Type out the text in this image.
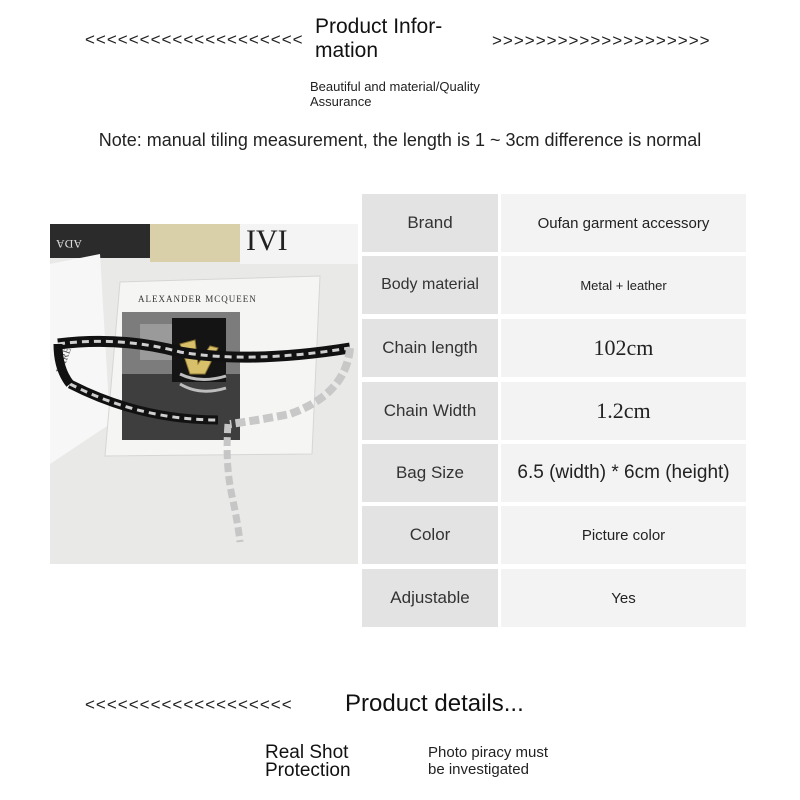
<<<<<<<<<<<<<<<<<<<<
Product Infor-
mation	>>>>>>>>>>>>>>>>>>>>
Beautiful and material/Quality
Assurance
Note: manual tiling measurement, the length is 1 ~ 3cm difference is normal
IVI
ADA
BAREY
ALEXANDER MCQUEEN
Brand	Oufan garment accessory
Body material	Metal + leather
Chain length	102cm
Chain Width	1.2cm
Bag Size	6.5 (width) * 6cm (height)
Color	Picture color
Adjustable	Yes
<<<<<<<<<<<<<<<<<<< Product details...
Real Shot
Protection
Photo piracy must
be investigated
